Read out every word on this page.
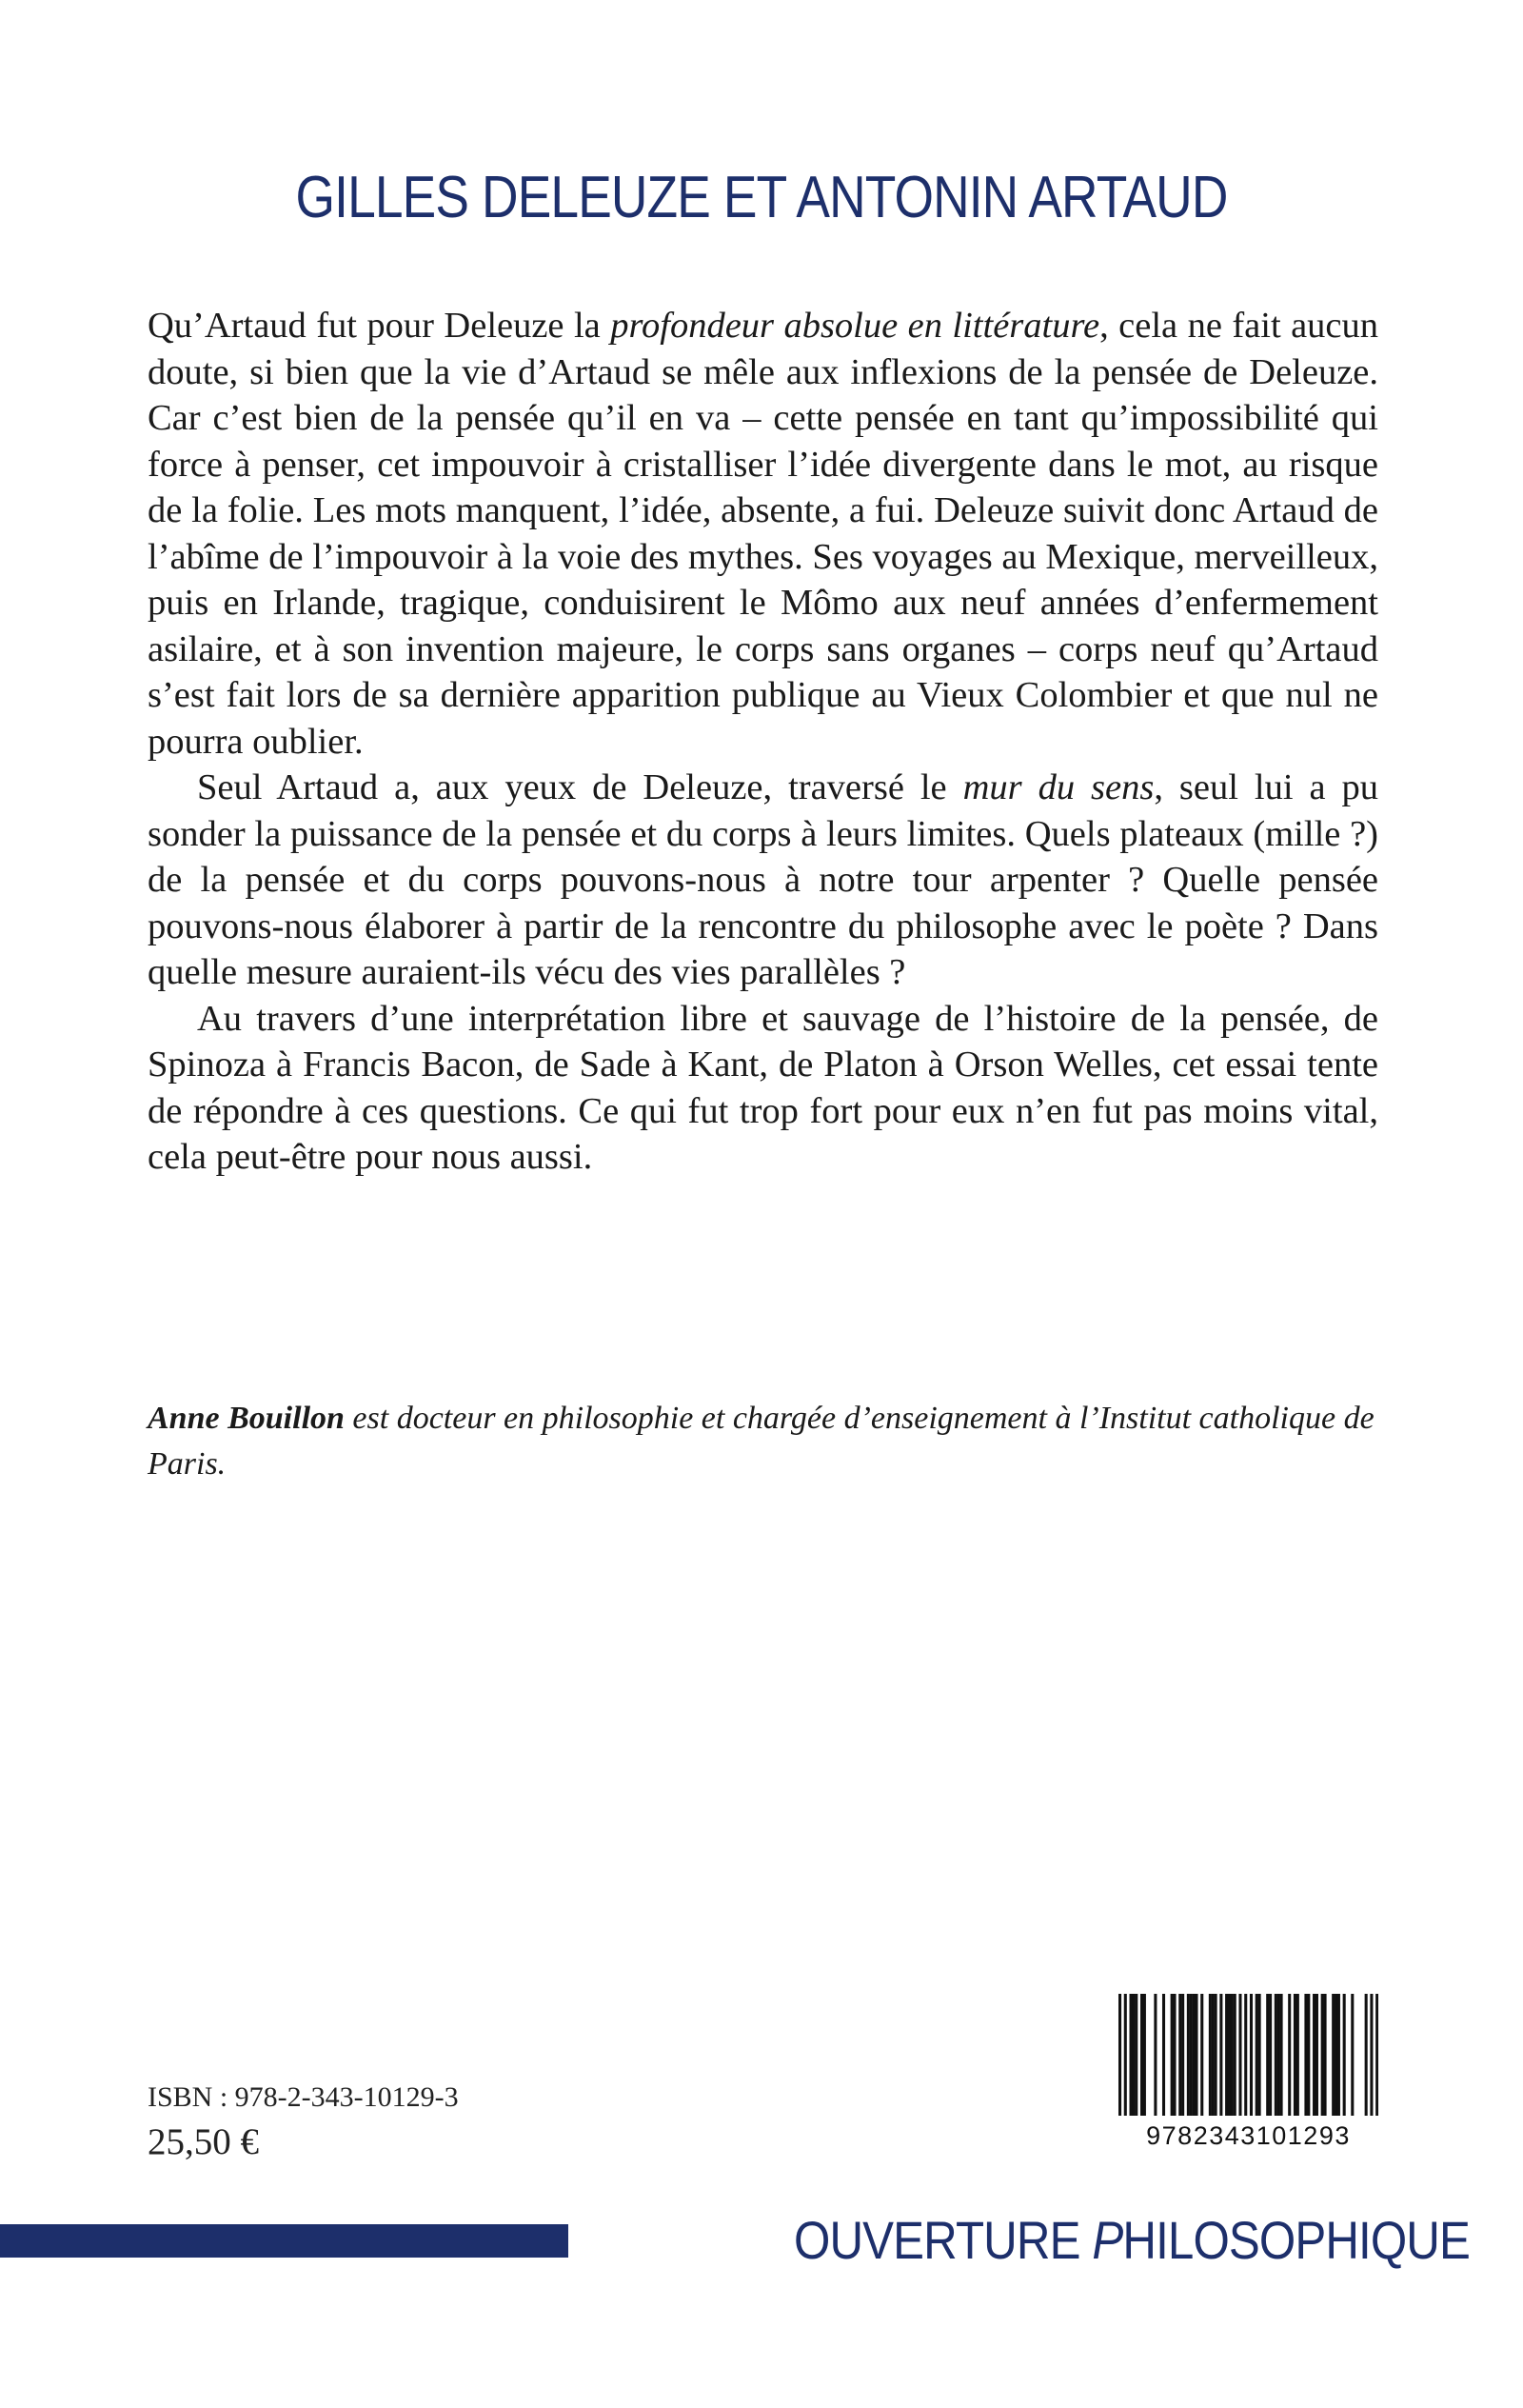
GILLES DELEUZE ET ANTONIN ARTAUD

Qu’Artaud fut pour Deleuze la profondeur absolue en littérature, cela ne fait aucun doute, si bien que la vie d’Artaud se mêle aux inflexions de la pensée de Deleuze. Car c’est bien de la pensée qu’il en va – cette pensée en tant qu’impossibilité qui force à penser, cet impouvoir à cristalliser l’idée divergente dans le mot, au risque de la folie. Les mots manquent, l’idée, absente, a fui. Deleuze suivit donc Artaud de l’abîme de l’impouvoir à la voie des mythes. Ses voyages au Mexique, merveilleux, puis en Irlande, tragique, conduisirent le Mômo aux neuf années d’enfermement asilaire, et à son invention majeure, le corps sans organes – corps neuf qu’Artaud s’est fait lors de sa dernière apparition publique au Vieux Colombier et que nul ne pourra oublier.

Seul Artaud a, aux yeux de Deleuze, traversé le mur du sens, seul lui a pu sonder la puissance de la pensée et du corps à leurs limites. Quels plateaux (mille ?) de la pensée et du corps pouvons-nous à notre tour arpenter ? Quelle pensée pouvons-nous élaborer à partir de la rencontre du philosophe avec le poète ? Dans quelle mesure auraient-ils vécu des vies parallèles ?

Au travers d’une interprétation libre et sauvage de l’histoire de la pensée, de Spinoza à Francis Bacon, de Sade à Kant, de Platon à Orson Welles, cet essai tente de répondre à ces questions. Ce qui fut trop fort pour eux n’en fut pas moins vital, cela peut-être pour nous aussi.

Anne Bouillon est docteur en philosophie et chargée d’enseignement à l’Institut catholique de Paris.
ISBN : 978-2-343-10129-3
25,50 €	9782343101293
OUVERTURE PHILOSOPHIQUE
